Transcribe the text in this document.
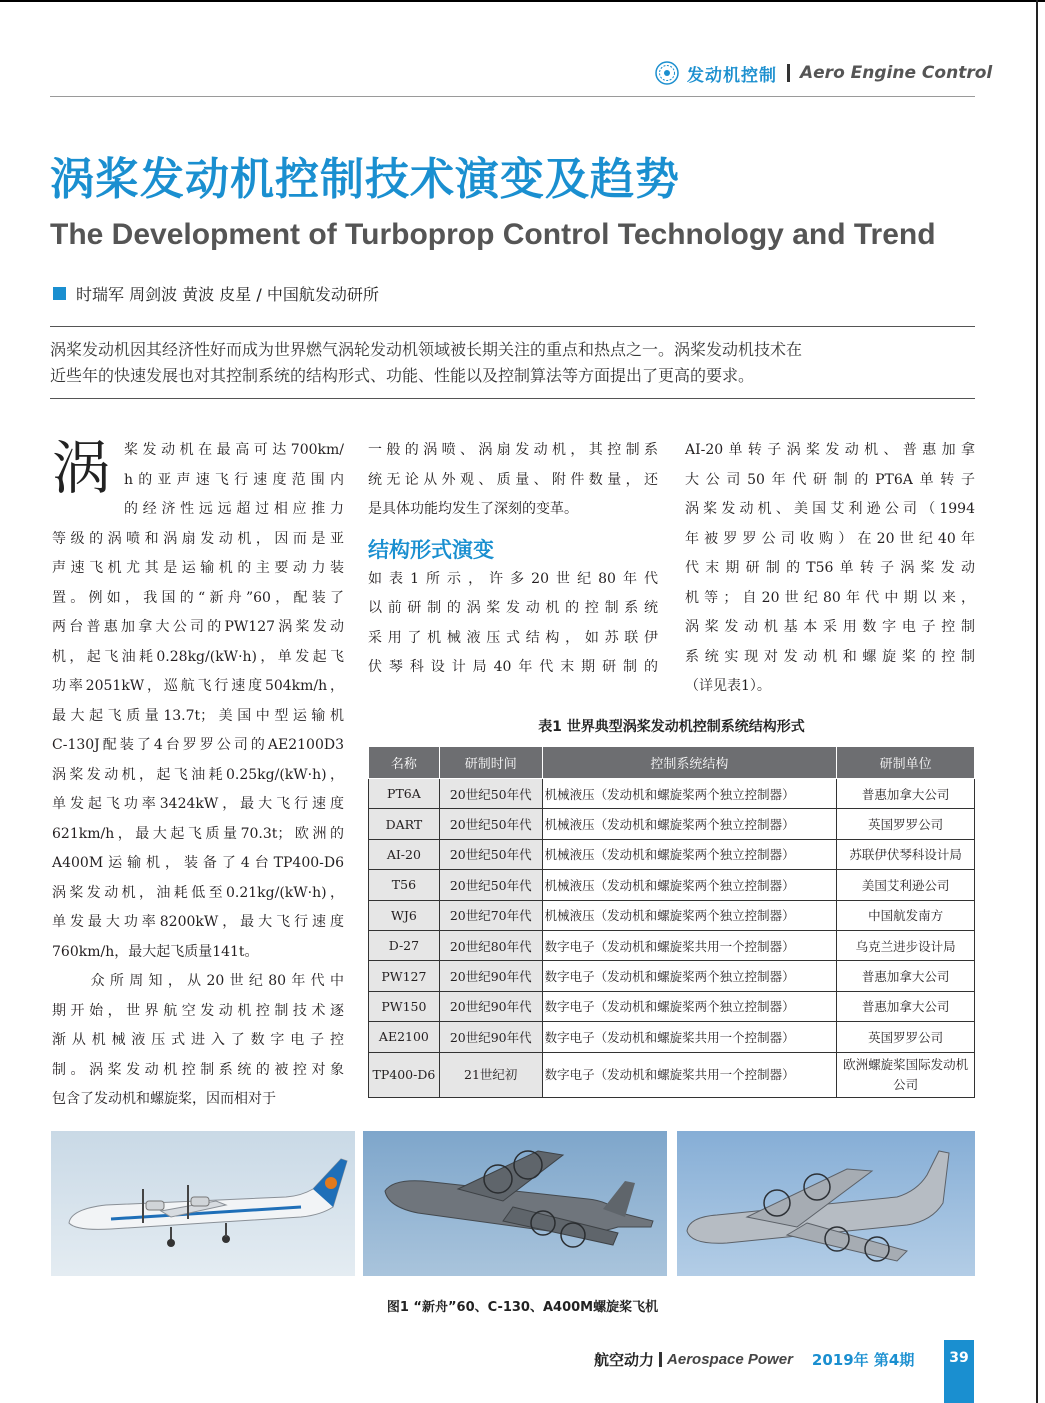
发动机控制 Aero Engine Control
涡桨发动机控制技术演变及趋势
The Development of Turboprop Control Technology and Trend
时瑞军 周剑波 黄波 皮星 / 中国航发动研所

涡桨发动机因其经济性好而成为世界燃气涡轮发动机领域被长期关注的重点和热点之一。涡桨发动机技术在

近些年的快速发展也对其控制系统的结构形式、功能、性能以及控制算法等方面提出了更高的要求。

涡 桨发动机在最高可达700km/

h的亚声速飞行速度范围内

的经济性远远超过相应推力

等级的涡喷和涡扇发动机，因而是亚

声速飞机尤其是运输机的主要动力装

置。例如，我国的“新舟”60，配装了

两台普惠加拿大公司的PW127涡桨发动

机，起飞油耗0.28kg/(kW·h)，单发起飞

功率2051kW，巡航飞行速度504km/h，

最大起飞质量13.7t；美国中型运输机

C-130J配装了4台罗罗公司的AE2100D3

涡桨发动机，起飞油耗0.25kg/(kW·h)，

单发起飞功率3424kW，最大飞行速度

621km/h，最大起飞质量70.3t；欧洲的

A400M运输机，装备了4台TP400-D6

涡桨发动机，油耗低至0.21kg/(kW·h)，

单发最大功率8200kW，最大飞行速度

760km/h，最大起飞质量141t。

　　众所周知，从20世纪80年代中

期开始，世界航空发动机控制技术逐

渐从机械液压式进入了数字电子控

制。涡桨发动机控制系统的被控对象

包含了发动机和螺旋桨，因而相对于

一般的涡喷、涡扇发动机，其控制系

统无论从外观、质量、附件数量，还

是具体功能均发生了深刻的变革。

结构形式演变

如表1所示，许多20世纪80年代

以前研制的涡桨发动机的控制系统

采用了机械液压式结构，如苏联伊

伏琴科设计局40年代末期研制的

AI-20单转子涡桨发动机、普惠加拿

大公司50年代研制的PT6A单转子

涡桨发动机、美国艾利逊公司（1994

年被罗罗公司收购）在20世纪40年

代末期研制的T56单转子涡桨发动

机等；自20世纪80年代中期以来，

涡桨发动机基本采用数字电子控制

系统实现对发动机和螺旋桨的控制

（详见表1）。

表1 世界典型涡桨发动机控制系统结构形式
名称	研制时间	控制系统结构	研制单位
PT6A	20世纪50年代	机械液压（发动机和螺旋桨两个独立控制器）	普惠加拿大公司
DART	20世纪50年代	机械液压（发动机和螺旋桨两个独立控制器）	英国罗罗公司
AI-20	20世纪50年代	机械液压（发动机和螺旋桨两个独立控制器）	苏联伊伏琴科设计局
T56	20世纪50年代	机械液压（发动机和螺旋桨两个独立控制器）	美国艾利逊公司
WJ6	20世纪70年代	机械液压（发动机和螺旋桨两个独立控制器）	中国航发南方
D-27	20世纪80年代	数字电子（发动机和螺旋桨共用一个控制器）	乌克兰进步设计局
PW127	20世纪90年代	数字电子（发动机和螺旋桨两个独立控制器）	普惠加拿大公司
PW150	20世纪90年代	数字电子（发动机和螺旋桨两个独立控制器）	普惠加拿大公司
AE2100	20世纪90年代	数字电子（发动机和螺旋桨共用一个控制器）	英国罗罗公司
TP400-D6	21世纪初	数字电子（发动机和螺旋桨共用一个控制器）	欧洲螺旋桨国际发动机公司
图1 “新舟”60、C-130、A400M螺旋桨飞机
航空动力 Aerospace Power 2019年 第4期	39
